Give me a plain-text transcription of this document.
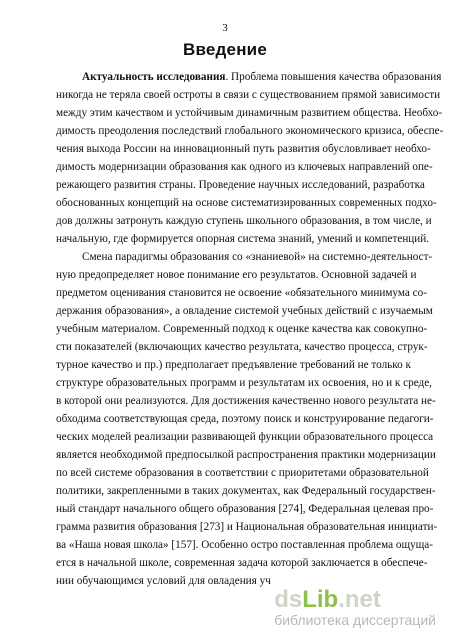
3
Введение
Актуальность исследования. Проблема повышения качества образования
никогда не теряла своей остроты в связи с существованием прямой зависимости
между этим качеством и устойчивым динамичным развитием общества. Необхо-
димость преодоления последствий глобального экономического кризиса, обеспе-
чения выхода России на инновационный путь развития обусловливает необхо-
димость модернизации образования как одного из ключевых направлений опе-
режающего развития страны. Проведение научных исследований, разработка
обоснованных концепций на основе систематизированных современных подхо-
дов должны затронуть каждую ступень школьного образования, в том числе, и
начальную, где формируется опорная система знаний, умений и компетенций.
Смена парадигмы образования со «знаниевой» на системно-деятельност-
ную предопределяет новое понимание его результатов. Основной задачей и
предметом оценивания становится не освоение «обязательного минимума со-
держания образования», а овладение системой учебных действий с изучаемым
учебным материалом. Современный подход к оценке качества как совокупно-
сти показателей (включающих качество результата, качество процесса, струк-
турное качество и пр.) предполагает предъявление требований не только к
структуре образовательных программ и результатам их освоения, но и к среде,
в которой они реализуются. Для достижения качественно нового результата не-
обходима соответствующая среда, поэтому поиск и конструирование педагоги-
ческих моделей реализации развивающей функции образовательного процесса
является необходимой предпосылкой распространения практики модернизации
по всей системе образования в соответствии с приоритетами образовательной
политики, закрепленными в таких документах, как Федеральный государствен-
ный стандарт начального общего образования [274], Федеральная целевая про-
грамма развития образования [273] и Национальная образовательная инициати-
ва «Наша новая школа» [157]. Особенно остро поставленная проблема ощуща-
ется в начальной школе, современная задача которой заключается в обеспече-
нии обучающимся условий для овладения уч
dsLib.net
библиотека диссертаций
